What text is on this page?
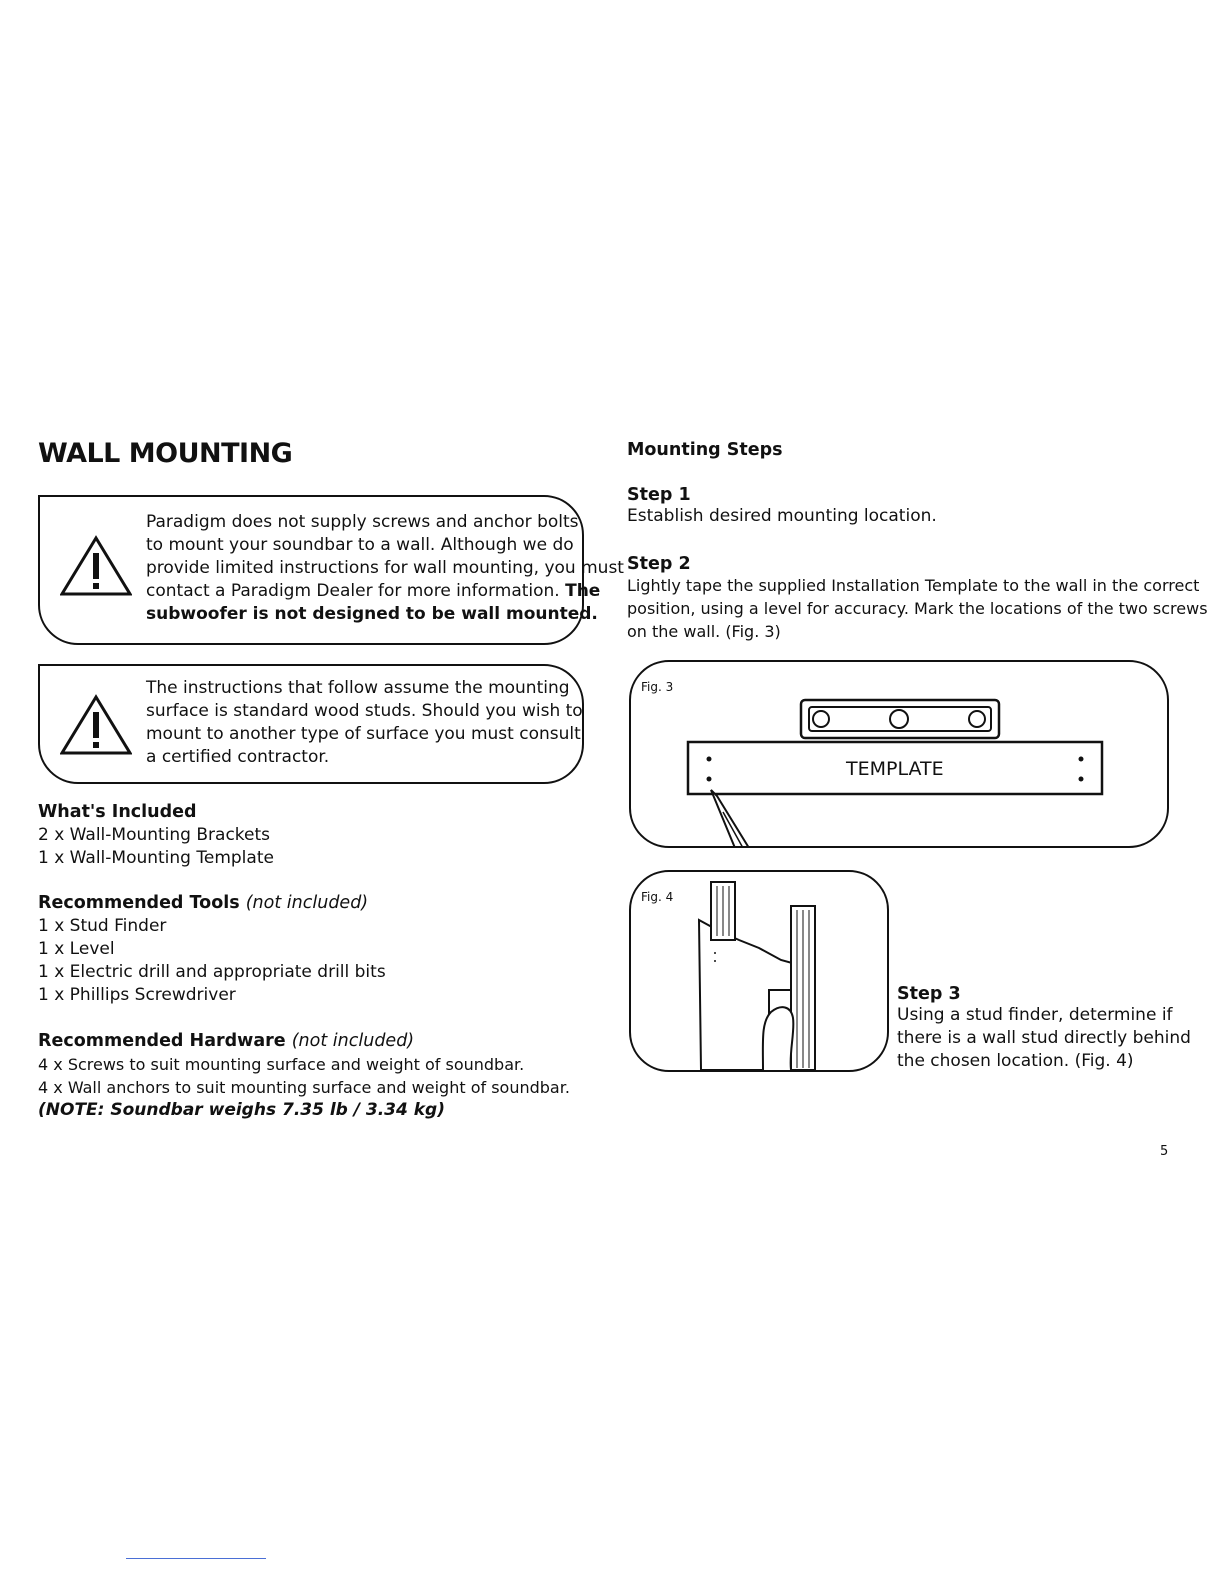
WALL MOUNTING
Paradigm does not supply screws and anchor bolts
to mount your soundbar to a wall. Although we do
provide limited instructions for wall mounting, you must
contact a Paradigm Dealer for more information. The
subwoofer is not designed to be wall mounted.
The instructions that follow assume the mounting
surface is standard wood studs. Should you wish to
mount to another type of surface you must consult
a certified contractor.
What's Included
2 x Wall-Mounting Brackets
1 x Wall-Mounting Template
Recommended Tools (not included)
1 x Stud Finder
1 x Level
1 x Electric drill and appropriate drill bits
1 x Phillips Screwdriver
Recommended Hardware (not included)
4 x Screws to suit mounting surface and weight of soundbar.
4 x Wall anchors to suit mounting surface and weight of soundbar.
(NOTE: Soundbar weighs 7.35 lb / 3.34 kg)
Mounting Steps
Step 1
Establish desired mounting location.
Step 2
Lightly tape the supplied Installation Template to the wall in the correct
position, using a level for accuracy. Mark the locations of the two screws
on the wall. (Fig. 3)
Fig. 3
TEMPLATE
Fig. 4
Step 3
Using a stud finder, determine if
there is a wall stud directly behind
the chosen location. (Fig. 4)
5
